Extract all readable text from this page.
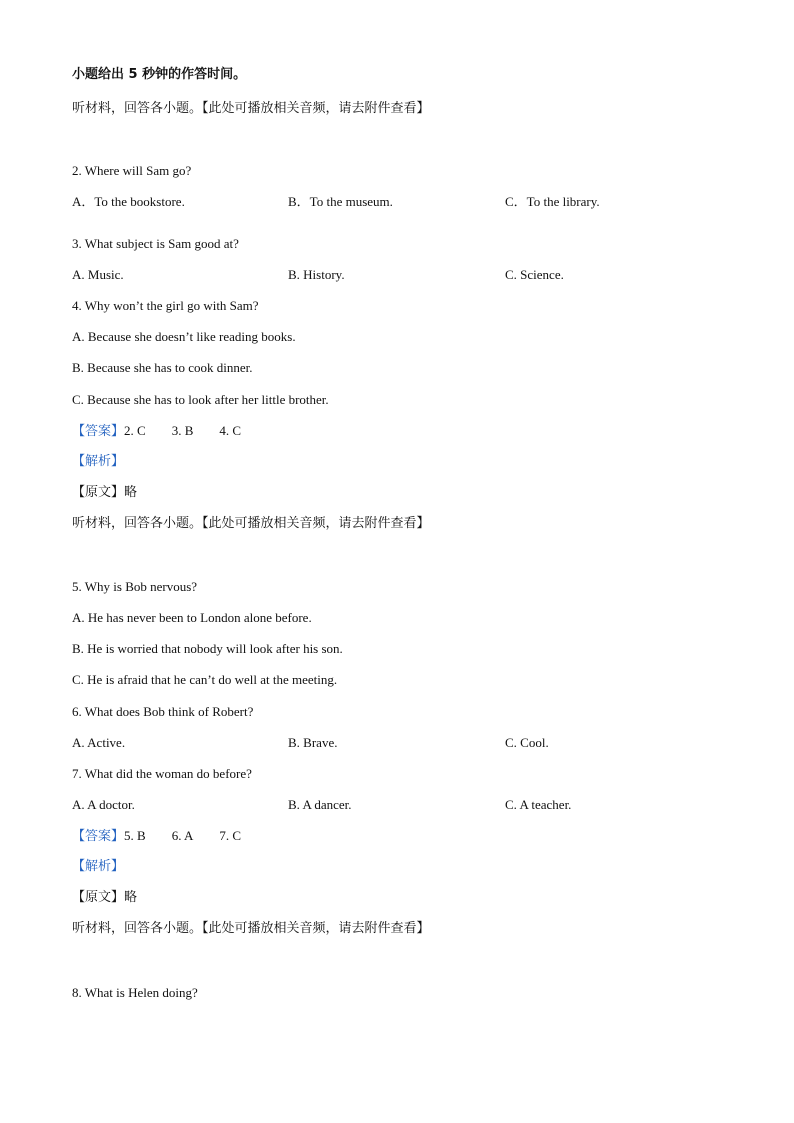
小题给出 5 秒钟的作答时间。
听材料，回答各小题。【此处可播放相关音频，请去附件查看】
2. Where will Sam go?
A．To the bookstore.	B．To the museum.	C．To the library.
3. What subject is Sam good at?
A. Music.	B. History.	C. Science.
4. Why won’t the girl go with Sam?
A. Because she doesn’t like reading books.
B. Because she has to cook dinner.
C. Because she has to look after her little brother.
【答案】2. C 3. B 4. C
【解析】
【原文】略
听材料，回答各小题。【此处可播放相关音频，请去附件查看】
5. Why is Bob nervous?
A. He has never been to London alone before.
B. He is worried that nobody will look after his son.
C. He is afraid that he can’t do well at the meeting.
6. What does Bob think of Robert?
A. Active.	B. Brave.	C. Cool.
7. What did the woman do before?
A. A doctor.	B. A dancer.	C. A teacher.
【答案】5. B 6. A 7. C
【解析】
【原文】略
听材料，回答各小题。【此处可播放相关音频，请去附件查看】
8. What is Helen doing?
